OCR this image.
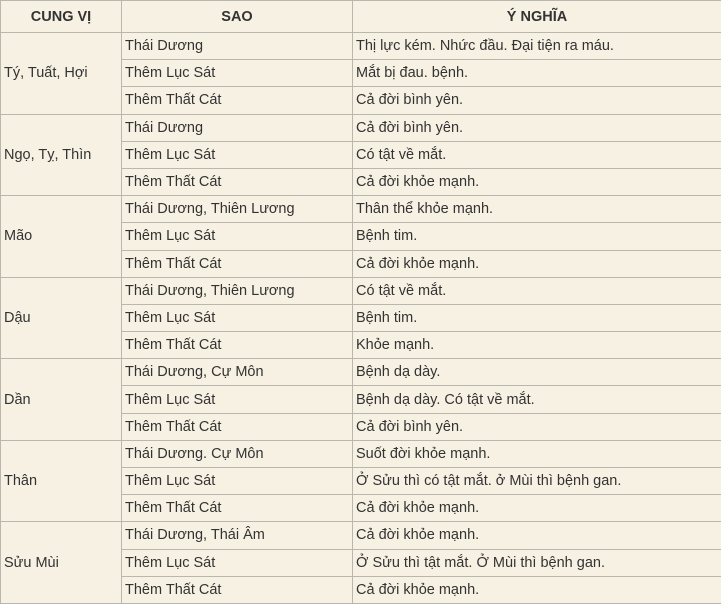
CUNG VỊ	SAO	Ý NGHĨA
Tý, Tuất, Hợi	Thái Dương	Thị lực kém. Nhức đầu. Đại tiện ra máu.
	Thêm Lục Sát	Mắt bị đau. bệnh.
	Thêm Thất Cát	Cả đời bình yên.
Ngọ, Tỵ, Thìn	Thái Dương	Cả đời bình yên.
	Thêm Lục Sát	Có tật về mắt.
	Thêm Thất Cát	Cả đời khỏe mạnh.
Mão	Thái Dương, Thiên Lương	Thân thể khỏe mạnh.
	Thêm Lục Sát	Bệnh tim.
	Thêm Thất Cát	Cả đời khỏe mạnh.
Dậu	Thái Dương, Thiên Lương	Có tật về mắt.
	Thêm Lục Sát	Bệnh tim.
	Thêm Thất Cát	Khỏe mạnh.
Dần	Thái Dương, Cự Môn	Bệnh dạ dày.
	Thêm Lục Sát	Bệnh dạ dày. Có tật về mắt.
	Thêm Thất Cát	Cả đời bình yên.
Thân	Thái Dương. Cự Môn	Suốt đời khỏe mạnh.
	Thêm Lục Sát	Ở Sửu thì có tật mắt. ở Mùi thì bệnh gan.
	Thêm Thất Cát	Cả đời khỏe mạnh.
Sửu Mùi	Thái Dương, Thái Âm	Cả đời khỏe mạnh.
	Thêm Lục Sát	Ở Sửu thì tật mắt. Ở Mùi thì bệnh gan.
	Thêm Thất Cát	Cả đời khỏe mạnh.
